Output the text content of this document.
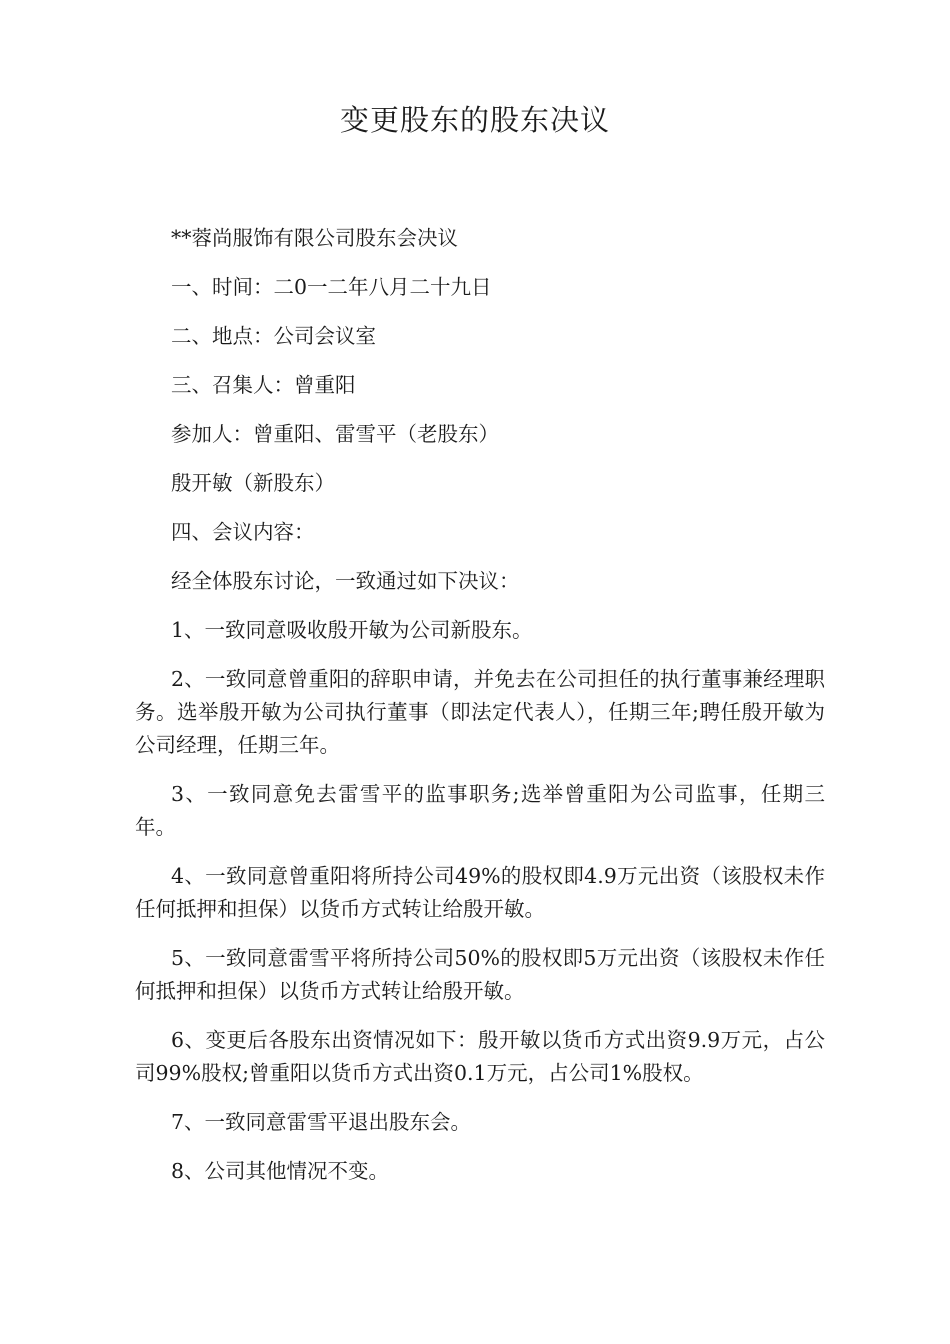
变更股东的股东决议

**蓉尚服饰有限公司股东会决议

一、时间：二0一二年八月二十九日

二、地点：公司会议室

三、召集人：曾重阳

参加人：曾重阳、雷雪平（老股东）

殷开敏（新股东）

四、会议内容：

经全体股东讨论，一致通过如下决议：

1、一致同意吸收殷开敏为公司新股东。

2、一致同意曾重阳的辞职申请，并免去在公司担任的执行董事兼经理职务。选举殷开敏为公司执行董事（即法定代表人），任期三年;聘任殷开敏为公司经理，任期三年。

3、一致同意免去雷雪平的监事职务;选举曾重阳为公司监事，任期三年。

4、一致同意曾重阳将所持公司49%的股权即4.9万元出资（该股权未作任何抵押和担保）以货币方式转让给殷开敏。

5、一致同意雷雪平将所持公司50%的股权即5万元出资（该股权未作任何抵押和担保）以货币方式转让给殷开敏。

6、变更后各股东出资情况如下：殷开敏以货币方式出资9.9万元，占公司99%股权;曾重阳以货币方式出资0.1万元，占公司1%股权。

7、一致同意雷雪平退出股东会。

8、公司其他情况不变。
